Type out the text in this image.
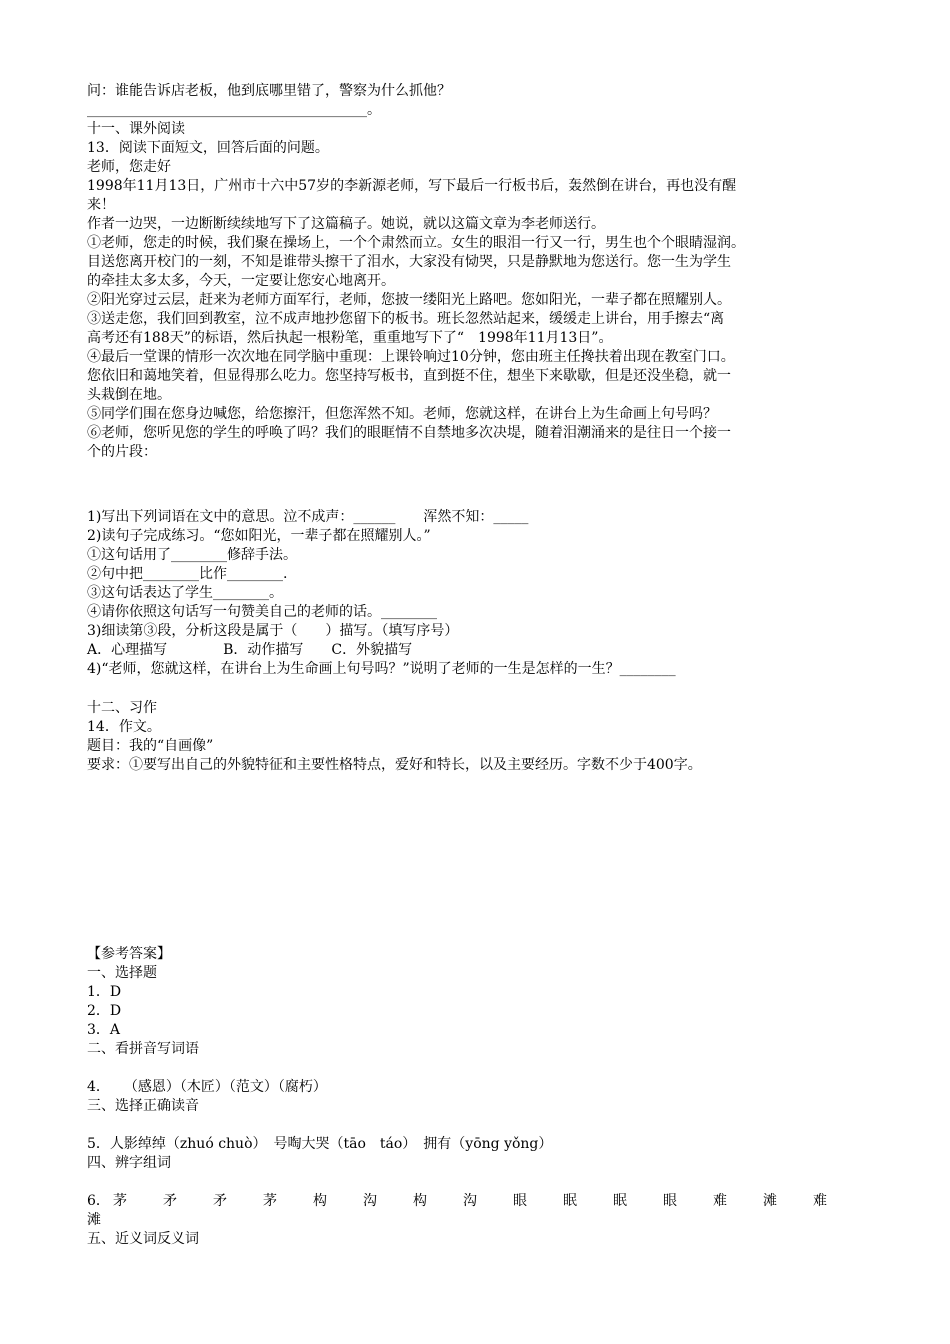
问：谁能告诉店老板，他到底哪里错了，警察为什么抓他？
________________________________________。
十一、课外阅读
13．阅读下面短文，回答后面的问题。
老师，您走好
1998年11月13日，广州市十六中57岁的李新源老师，写下最后一行板书后，轰然倒在讲台，再也没有醒
来！
作者一边哭，一边断断续续地写下了这篇稿子。她说，就以这篇文章为李老师送行。
①老师，您走的时候，我们聚在操场上，一个个肃然而立。女生的眼泪一行又一行，男生也个个眼睛湿润。
目送您离开校门的一刻，不知是谁带头擦干了泪水，大家没有恸哭，只是静默地为您送行。您一生为学生
的牵挂太多太多，今天，一定要让您安心地离开。
②阳光穿过云层，赶来为老师方面军行，老师，您披一缕阳光上路吧。您如阳光，一辈子都在照耀别人。
③送走您，我们回到教室，泣不成声地抄您留下的板书。班长忽然站起来，缓缓走上讲台，用手擦去“离
高考还有188天”的标语，然后执起一根粉笔，重重地写下了“　1998年11月13日”。
④最后一堂课的情形一次次地在同学脑中重现：上课铃响过10分钟，您由班主任搀扶着出现在教室门口。
您依旧和蔼地笑着，但显得那么吃力。您坚持写板书，直到挺不住，想坐下来歇歇，但是还没坐稳，就一
头栽倒在地。
⑤同学们围在您身边喊您，给您擦汗，但您浑然不知。老师，您就这样，在讲台上为生命画上句号吗？
⑥老师，您听见您的学生的呼唤了吗？我们的眼眶情不自禁地多次决堤，随着泪潮涌来的是往日一个接一
个的片段：
1)写出下列词语在文中的意思。泣不成声：______　　浑然不知：_____
2)读句子完成练习。“您如阳光，一辈子都在照耀别人。”
①这句话用了________修辞手法。
②句中把________比作________.
③这句话表达了学生________。
④请你依照这句话写一句赞美自己的老师的话。________
3)细读第③段，分析这段是属于（　　）描写。（填写序号）
A．心理描写　　　　B．动作描写　　C．外貌描写
4)“老师，您就这样，在讲台上为生命画上句号吗？”说明了老师的一生是怎样的一生？________
十二、习作
14．作文。
题目：我的“自画像”
要求：①要写出自己的外貌特征和主要性格特点，爱好和特长，以及主要经历。字数不少于400字。
【参考答案】
一、选择题
1．D
2．D
3．A
二、看拼音写词语
4．　　（感恩）（木匠）（范文）（腐朽）
三、选择正确读音
5．人影绰绰（zhuó chuò）　号啕大哭（tāo　táo）　拥有（yōng yǒng）
四、辨字组词
6． 茅	矛	矛	茅	构	沟	构	沟	眼	眠	眠	眼	难	滩	难
滩
五、近义词反义词
